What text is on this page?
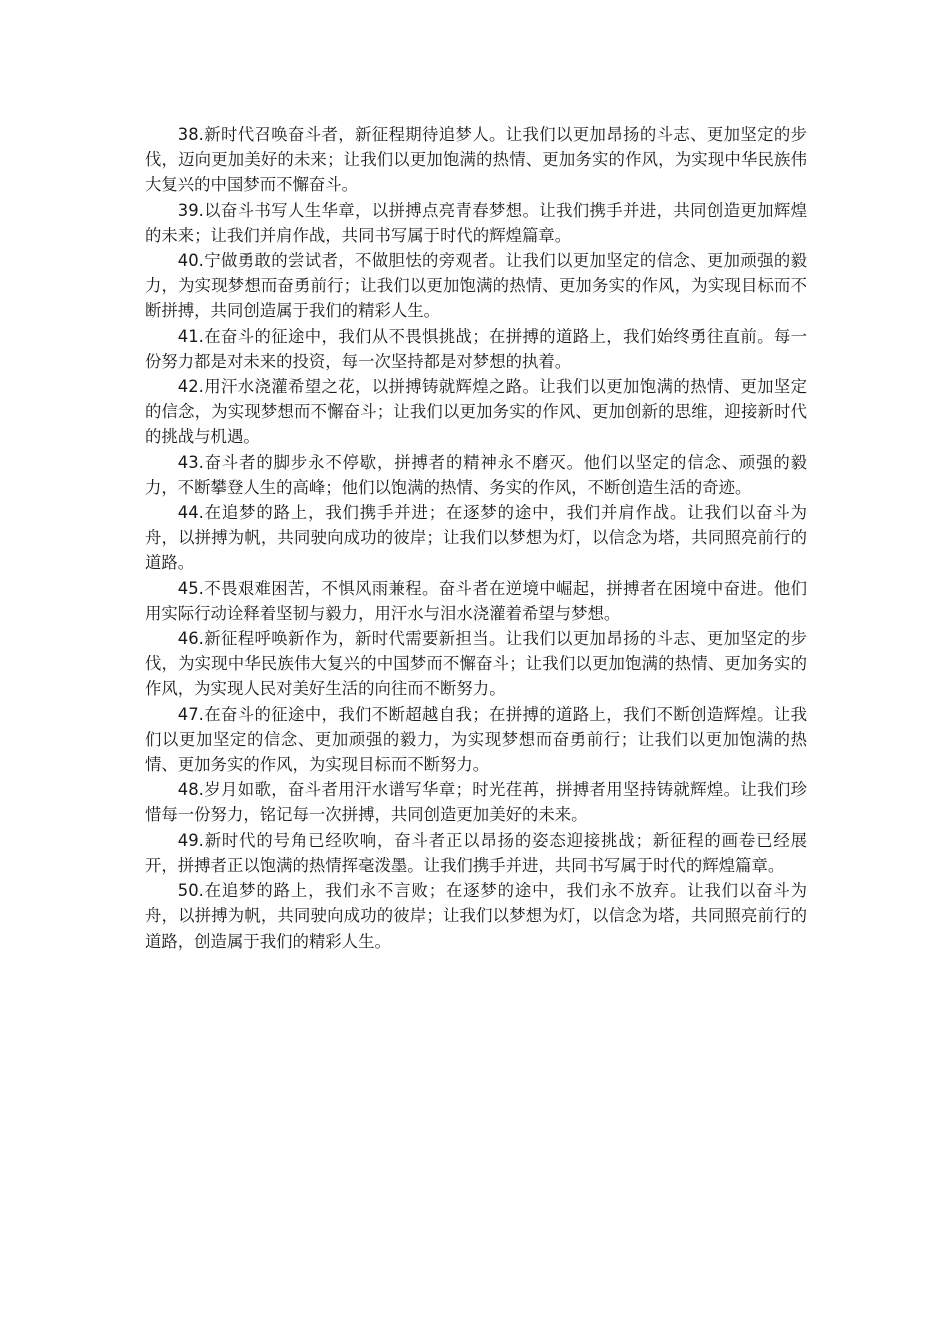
38.新时代召唤奋斗者，新征程期待追梦人。让我们以更加昂扬的斗志、更加坚定的步伐，迈向更加美好的未来；让我们以更加饱满的热情、更加务实的作风，为实现中华民族伟大复兴的中国梦而不懈奋斗。

39.以奋斗书写人生华章，以拼搏点亮青春梦想。让我们携手并进，共同创造更加辉煌的未来；让我们并肩作战，共同书写属于时代的辉煌篇章。

40.宁做勇敢的尝试者，不做胆怯的旁观者。让我们以更加坚定的信念、更加顽强的毅力，为实现梦想而奋勇前行；让我们以更加饱满的热情、更加务实的作风，为实现目标而不断拼搏，共同创造属于我们的精彩人生。

41.在奋斗的征途中，我们从不畏惧挑战；在拼搏的道路上，我们始终勇往直前。每一份努力都是对未来的投资，每一次坚持都是对梦想的执着。

42.用汗水浇灌希望之花，以拼搏铸就辉煌之路。让我们以更加饱满的热情、更加坚定的信念，为实现梦想而不懈奋斗；让我们以更加务实的作风、更加创新的思维，迎接新时代的挑战与机遇。

43.奋斗者的脚步永不停歇，拼搏者的精神永不磨灭。他们以坚定的信念、顽强的毅力，不断攀登人生的高峰；他们以饱满的热情、务实的作风，不断创造生活的奇迹。

44.在追梦的路上，我们携手并进；在逐梦的途中，我们并肩作战。让我们以奋斗为舟，以拼搏为帆，共同驶向成功的彼岸；让我们以梦想为灯，以信念为塔，共同照亮前行的道路。

45.不畏艰难困苦，不惧风雨兼程。奋斗者在逆境中崛起，拼搏者在困境中奋进。他们用实际行动诠释着坚韧与毅力，用汗水与泪水浇灌着希望与梦想。

46.新征程呼唤新作为，新时代需要新担当。让我们以更加昂扬的斗志、更加坚定的步伐，为实现中华民族伟大复兴的中国梦而不懈奋斗；让我们以更加饱满的热情、更加务实的作风，为实现人民对美好生活的向往而不断努力。

47.在奋斗的征途中，我们不断超越自我；在拼搏的道路上，我们不断创造辉煌。让我们以更加坚定的信念、更加顽强的毅力，为实现梦想而奋勇前行；让我们以更加饱满的热情、更加务实的作风，为实现目标而不断努力。

48.岁月如歌，奋斗者用汗水谱写华章；时光荏苒，拼搏者用坚持铸就辉煌。让我们珍惜每一份努力，铭记每一次拼搏，共同创造更加美好的未来。

49.新时代的号角已经吹响，奋斗者正以昂扬的姿态迎接挑战；新征程的画卷已经展开，拼搏者正以饱满的热情挥毫泼墨。让我们携手并进，共同书写属于时代的辉煌篇章。

50.在追梦的路上，我们永不言败；在逐梦的途中，我们永不放弃。让我们以奋斗为舟，以拼搏为帆，共同驶向成功的彼岸；让我们以梦想为灯，以信念为塔，共同照亮前行的道路，创造属于我们的精彩人生。
